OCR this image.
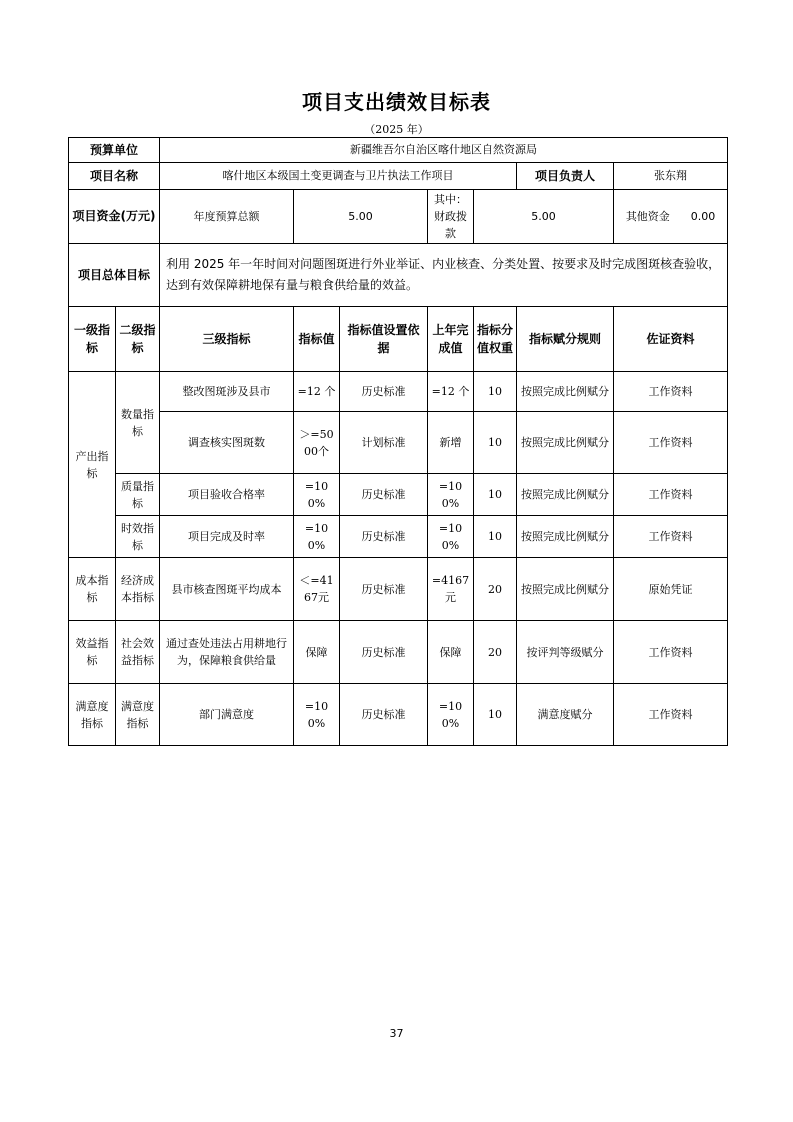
项目支出绩效目标表
（2025 年）
预算单位		新疆维吾尔自治区喀什地区自然资源局						
项目名称		喀什地区本级国土变更调查与卫片执法工作项目					项目负责人	张东翔
项目资金(万元)		年度预算总额	5.00		其中：财政拨款	5.00		其他资金 0.00
项目总体目标		利用 2025 年一年时间对问题图斑进行外业举证、内业核查、分类处置、按要求及时完成图斑核查验收，达到有效保障耕地保有量与粮食供给量的效益。						
一级指标	二级指标	三级指标	指标值	指标值设置依据	上年完成值	指标分值权重	指标赋分规则	佐证资料
产出指标	数量指标	整改图斑涉及县市	=12 个	历史标准	=12 个	10	按照完成比例赋分	工作资料
		调查核实图斑数	＞=5000个	计划标准	新增	10	按照完成比例赋分	工作资料
	质量指标	项目验收合格率	=100%	历史标准	=100%	10	按照完成比例赋分	工作资料
	时效指标	项目完成及时率	=100%	历史标准	=100%	10	按照完成比例赋分	工作资料
成本指标	经济成本指标	县市核查图斑平均成本	＜=4167元	历史标准	=4167元	20	按照完成比例赋分	原始凭证
效益指标	社会效益指标	通过查处违法占用耕地行为，保障粮食供给量	保障	历史标准	保障	20	按评判等级赋分	工作资料
满意度指标	满意度指标	部门满意度	=100%	历史标准	=100%	10	满意度赋分	工作资料
37
